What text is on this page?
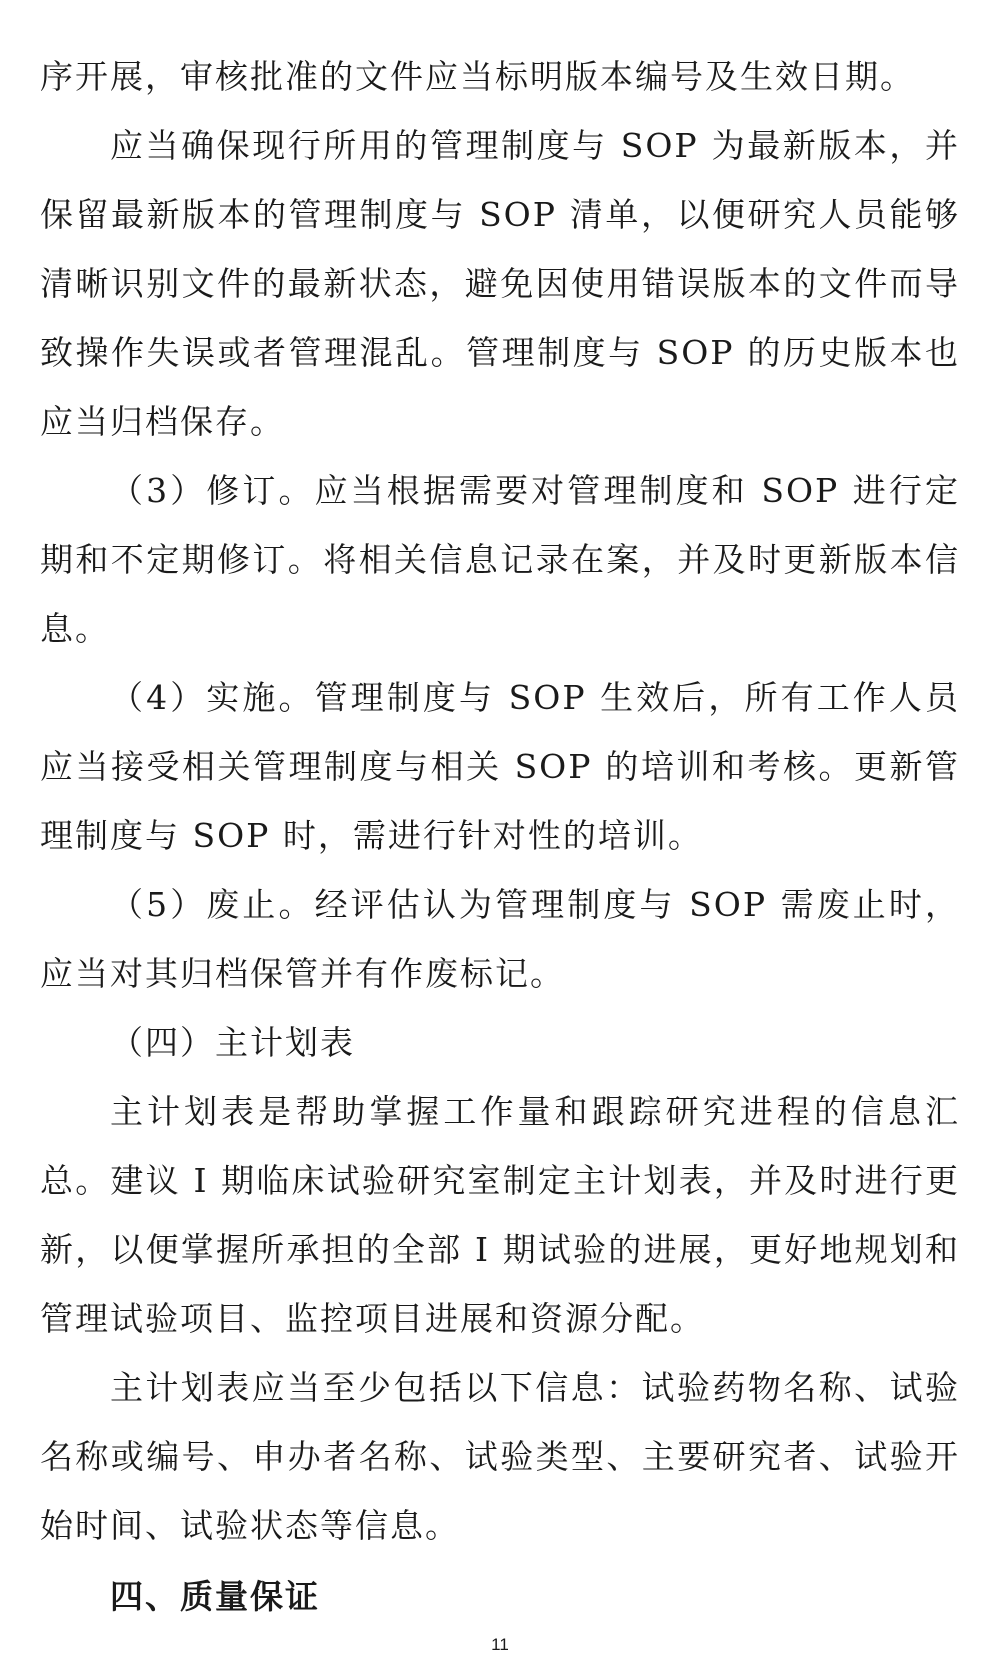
序开展，审核批准的文件应当标明版本编号及生效日期。

应当确保现行所用的管理制度与 SOP 为最新版本，并保留最新版本的管理制度与 SOP 清单，以便研究人员能够清晰识别文件的最新状态，避免因使用错误版本的文件而导致操作失误或者管理混乱。管理制度与 SOP 的历史版本也应当归档保存。

（3）修订。应当根据需要对管理制度和 SOP 进行定期和不定期修订。将相关信息记录在案，并及时更新版本信息。

（4）实施。管理制度与 SOP 生效后，所有工作人员应当接受相关管理制度与相关 SOP 的培训和考核。更新管理制度与 SOP 时，需进行针对性的培训。

（5）废止。经评估认为管理制度与 SOP 需废止时，应当对其归档保管并有作废标记。

（四）主计划表

主计划表是帮助掌握工作量和跟踪研究进程的信息汇总。建议 I 期临床试验研究室制定主计划表，并及时进行更新，以便掌握所承担的全部 I 期试验的进展，更好地规划和管理试验项目、监控项目进展和资源分配。

主计划表应当至少包括以下信息：试验药物名称、试验名称或编号、申办者名称、试验类型、主要研究者、试验开始时间、试验状态等信息。

四、质量保证

11
